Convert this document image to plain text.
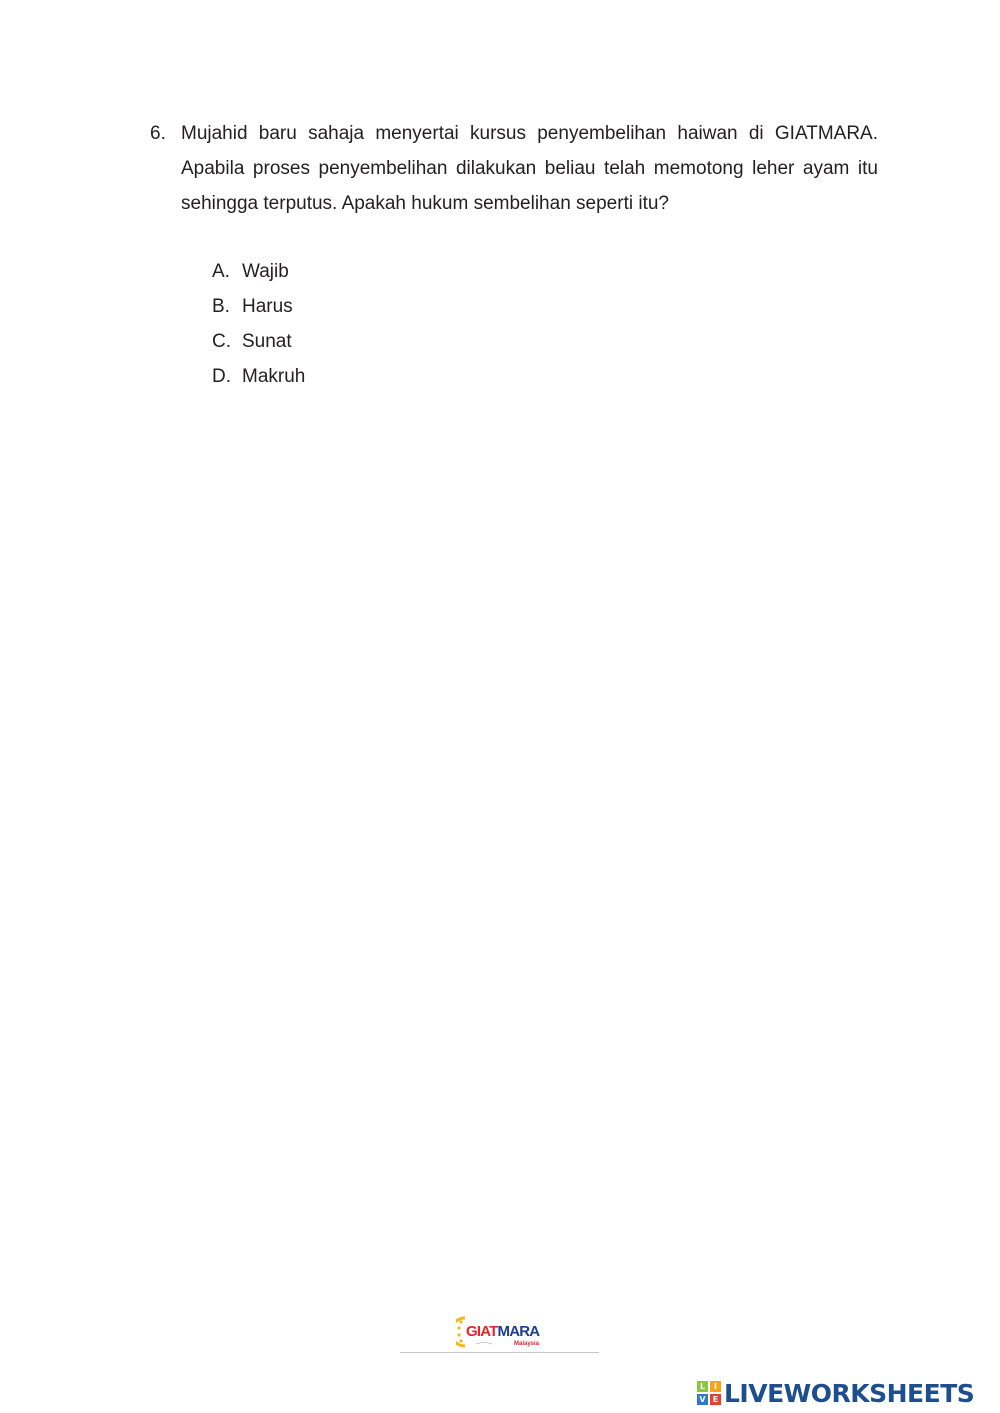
6. Mujahid baru sahaja menyertai kursus penyembelihan haiwan di GIATMARA. Apabila proses penyembelihan dilakukan beliau telah memotong leher ayam itu sehingga terputus. Apakah hukum sembelihan seperti itu?
A. Wajib
B. Harus
C. Sunat
D. Makruh
GIATMARA
Malaysia
L	I
V E LIVEWORKSHEETS
